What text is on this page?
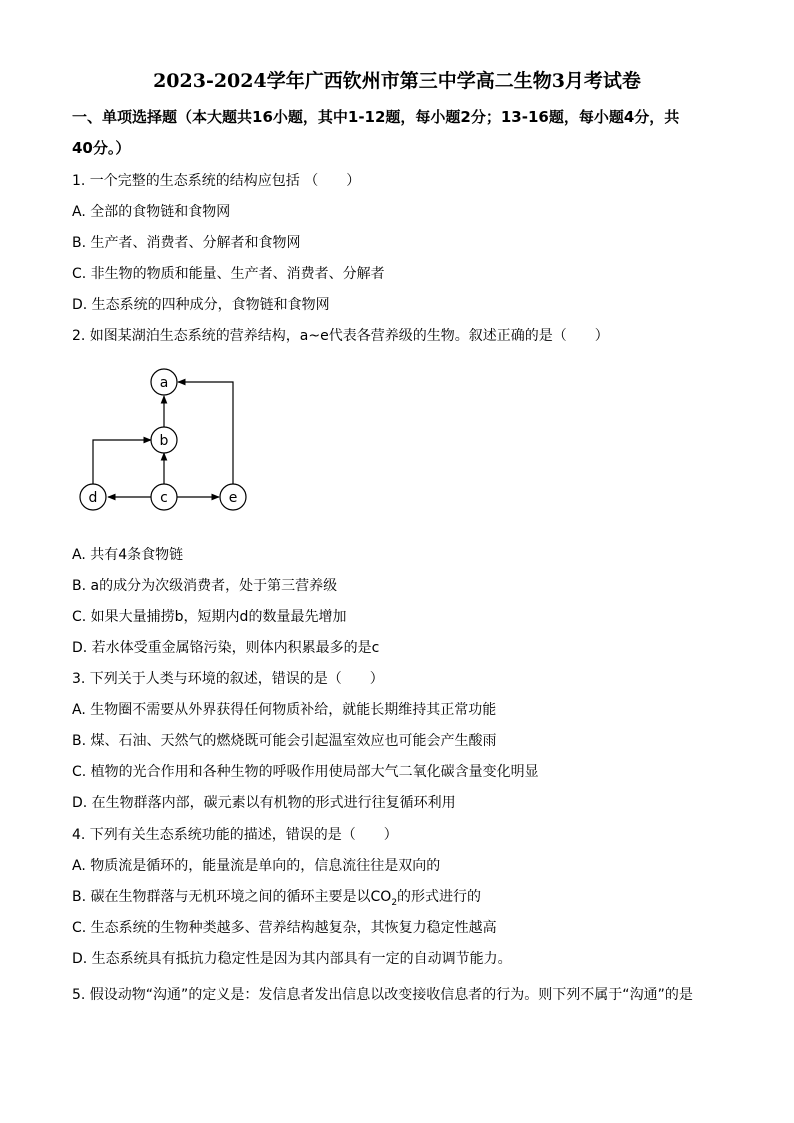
2023-2024学年广西钦州市第三中学高二生物3月考试卷
一、单项选择题（本大题共16小题，其中1-12题，每小题2分；13-16题，每小题4分，共
40分。）
1. 一个完整的生态系统的结构应包括 （　　）
A. 全部的食物链和食物网
B. 生产者、消费者、分解者和食物网
C. 非生物的物质和能量、生产者、消费者、分解者
D. 生态系统的四种成分，食物链和食物网
2. 如图某湖泊生态系统的营养结构，a~e代表各营养级的生物。叙述正确的是（　　）
a
b
c
d	e
A. 共有4条食物链
B. a的成分为次级消费者，处于第三营养级
C. 如果大量捕捞b，短期内d的数量最先增加
D. 若水体受重金属铬污染，则体内积累最多的是c
3. 下列关于人类与环境的叙述，错误的是（　　）
A. 生物圈不需要从外界获得任何物质补给，就能长期维持其正常功能
B. 煤、石油、天然气的燃烧既可能会引起温室效应也可能会产生酸雨
C. 植物的光合作用和各种生物的呼吸作用使局部大气二氧化碳含量变化明显
D. 在生物群落内部，碳元素以有机物的形式进行往复循环利用
4. 下列有关生态系统功能的描述，错误的是（　　）
A. 物质流是循环的，能量流是单向的，信息流往往是双向的
B. 碳在生物群落与无机环境之间的循环主要是以$CO_2$的形式进行的
C. 生态系统的生物种类越多、营养结构越复杂，其恢复力稳定性越高
D. 生态系统具有抵抗力稳定性是因为其内部具有一定的自动调节能力。
5. 假设动物“沟通”的定义是：发信息者发出信息以改变接收信息者的行为。则下列不属于“沟通”的是
